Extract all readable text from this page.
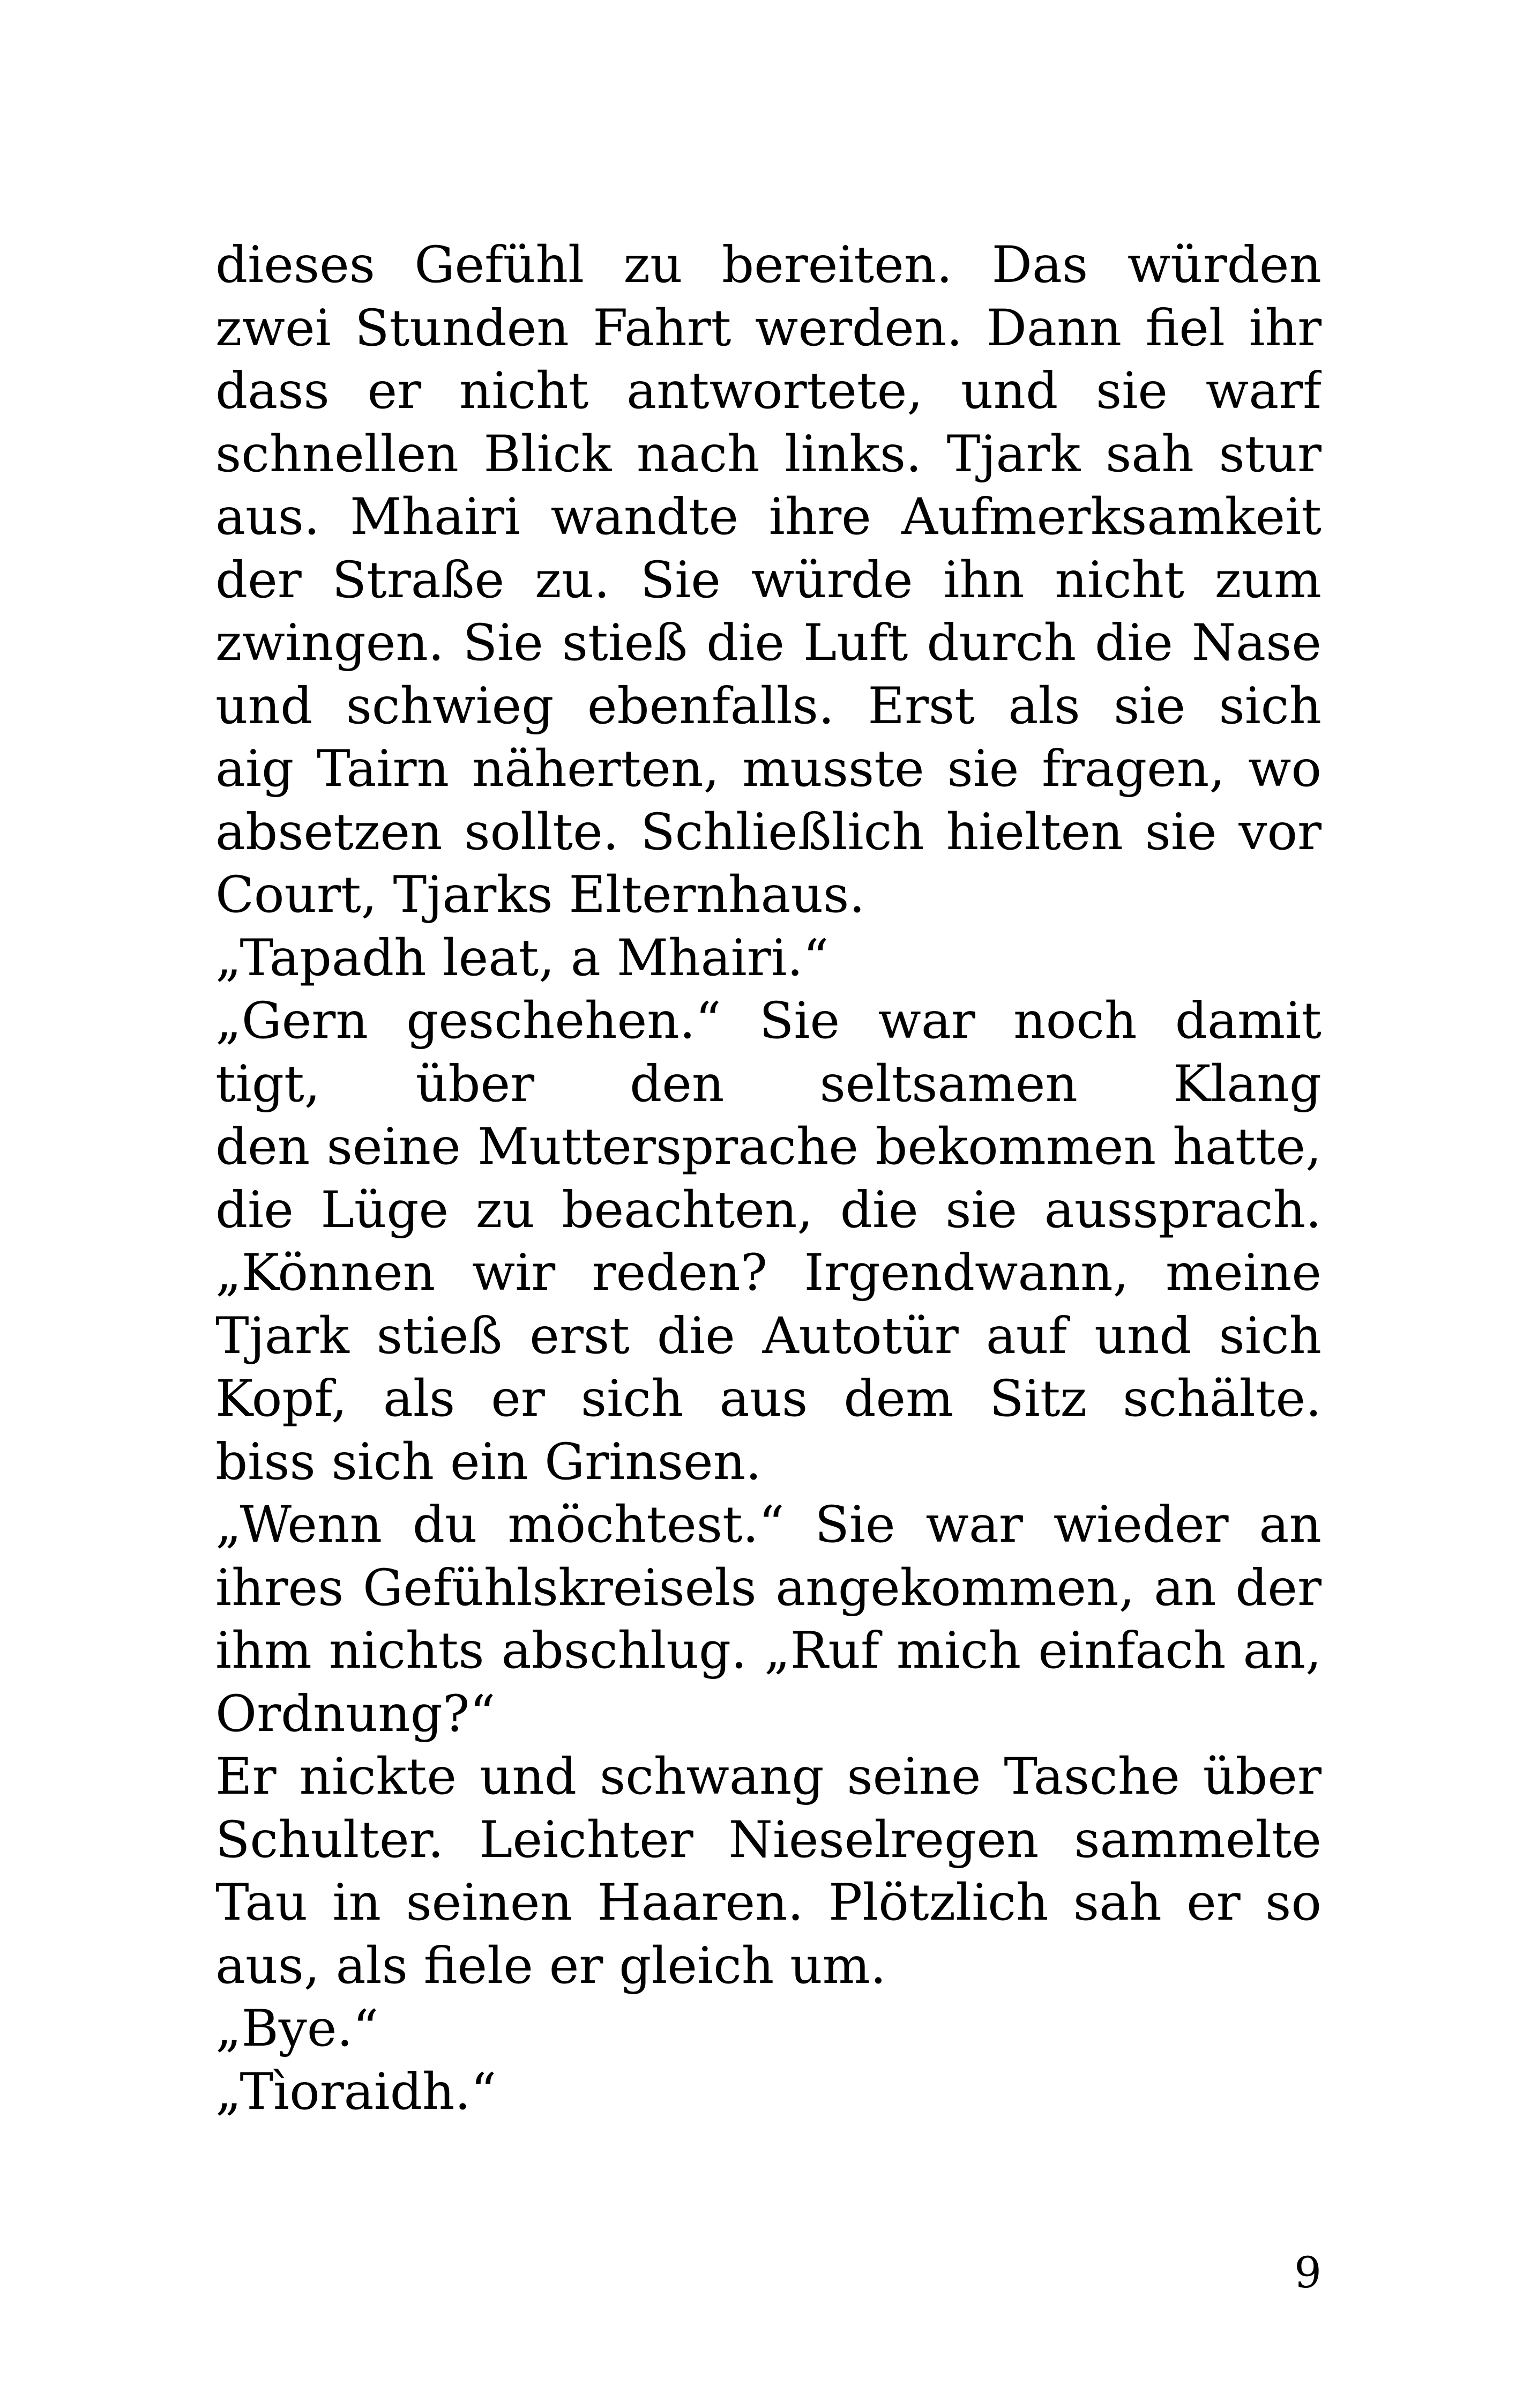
dieses Gefühl zu bereiten. Das würden
zwei Stunden Fahrt werden. Dann fiel ihr
dass er nicht antwortete, und sie warf
schnellen Blick nach links. Tjark sah stur
aus. Mhairi wandte ihre Aufmerksamkeit
der Straße zu. Sie würde ihn nicht zum
zwingen. Sie stieß die Luft durch die Nase
und schwieg ebenfalls. Erst als sie sich
aig Tairn näherten, musste sie fragen, wo
absetzen sollte. Schließlich hielten sie vor
Court, Tjarks Elternhaus.
„Tapadh leat, a Mhairi.“
„Gern geschehen.“ Sie war noch damit
tigt, über den seltsamen Klang
den seine Muttersprache bekommen hatte,
die Lüge zu beachten, die sie aussprach.
„Können wir reden? Irgendwann, meine
Tjark stieß erst die Autotür auf und sich
Kopf, als er sich aus dem Sitz schälte.
biss sich ein Grinsen.
„Wenn du möchtest.“ Sie war wieder an
ihres Gefühlskreisels angekommen, an der
ihm nichts abschlug. „Ruf mich einfach an,
Ordnung?“
Er nickte und schwang seine Tasche über
Schulter. Leichter Nieselregen sammelte
Tau in seinen Haaren. Plötzlich sah er so
aus, als fiele er gleich um.
„Bye.“
„Tìoraidh.“
9
